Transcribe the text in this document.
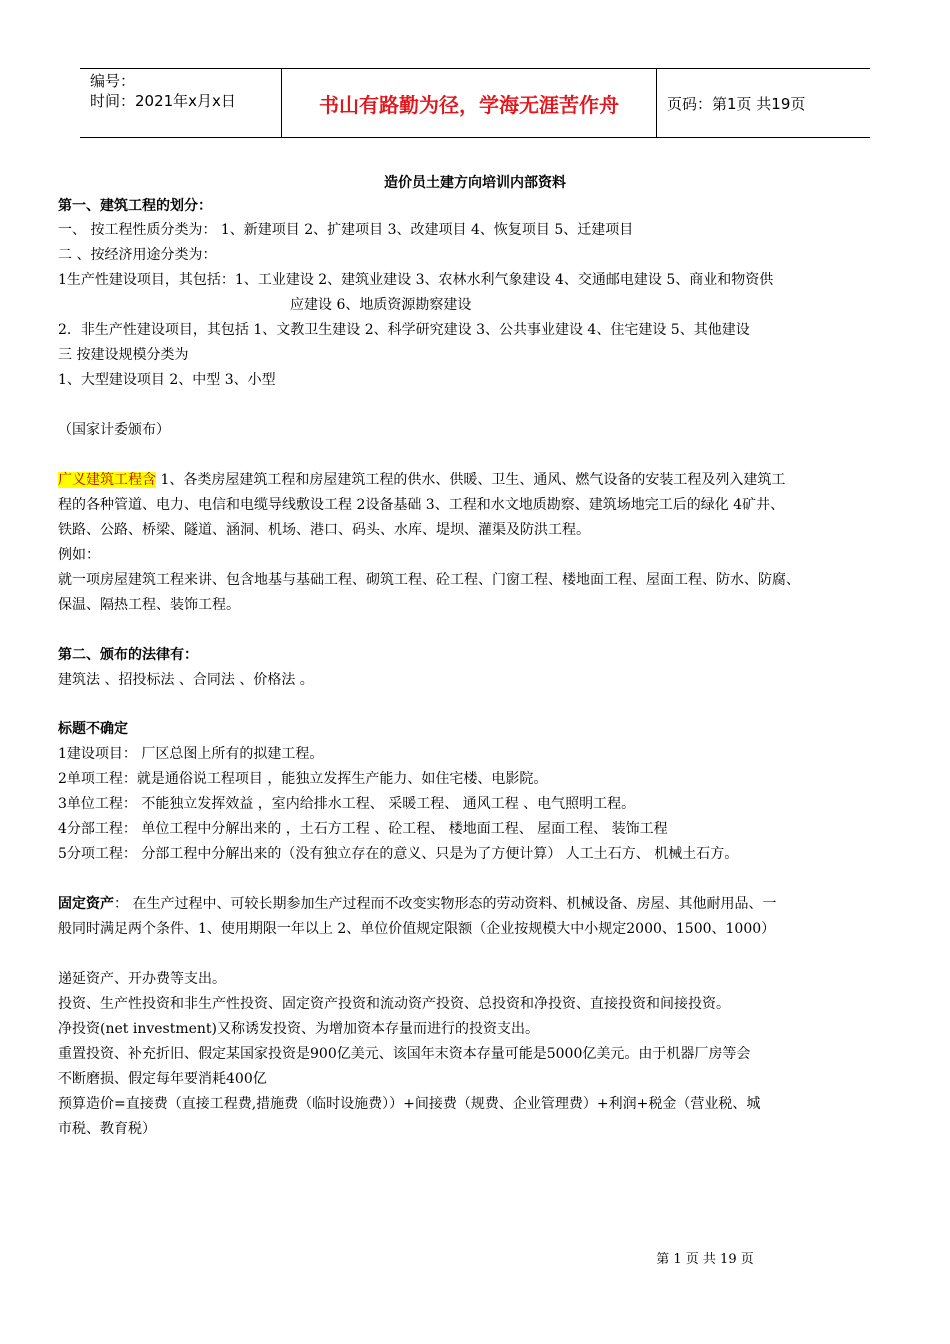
编号：
时间：2021年x月x日	书山有路勤为径，学海无涯苦作舟	页码：第1页 共19页
造价员土建方向培训内部资料
第一、建筑工程的划分：
一、 按工程性质分类为： 1、新建项目 2、扩建项目 3、改建项目 4、恢复项目 5、迁建项目
二 、按经济用途分类为：
1生产性建设项目，其包括：1、工业建设 2、建筑业建设 3、农林水利气象建设 4、交通邮电建设 5、商业和物资供
应建设 6、地质资源勘察建设
2．非生产性建设项目，其包括 1、文教卫生建设 2、科学研究建设 3、公共事业建设 4、住宅建设 5、其他建设
三 按建设规模分类为
1、大型建设项目 2、中型 3、小型
（国家计委颁布）
广义建筑工程含 1、各类房屋建筑工程和房屋建筑工程的供水、供暖、卫生、通风、燃气设备的安装工程及列入建筑工
程的各种管道、电力、电信和电缆导线敷设工程 2设备基础 3、工程和水文地质勘察、建筑场地完工后的绿化 4矿井、
铁路、公路、桥梁、隧道、涵洞、机场、港口、码头、水库、堤坝、灌渠及防洪工程。
例如：
就一项房屋建筑工程来讲、包含地基与基础工程、砌筑工程、砼工程、门窗工程、楼地面工程、屋面工程、防水、防腐、
保温、隔热工程、装饰工程。
第二、颁布的法律有：
建筑法 、招投标法 、合同法 、价格法 。
标题不确定
1建设项目： 厂区总图上所有的拟建工程。
2单项工程：就是通俗说工程项目 ，能独立发挥生产能力、如住宅楼、电影院。
3单位工程： 不能独立发挥效益 ，室内给排水工程、 采暖工程、 通风工程 、电气照明工程。
4分部工程： 单位工程中分解出来的 ，土石方工程 、砼工程、 楼地面工程、 屋面工程、 装饰工程
5分项工程： 分部工程中分解出来的（没有独立存在的意义、只是为了方便计算） 人工土石方、 机械土石方。
固定资产： 在生产过程中、可较长期参加生产过程而不改变实物形态的劳动资料、机械设备、房屋、其他耐用品、一
般同时满足两个条件、1、使用期限一年以上 2、单位价值规定限额（企业按规模大中小规定2000、1500、1000）
递延资产、开办费等支出。
投资、生产性投资和非生产性投资、固定资产投资和流动资产投资、总投资和净投资、直接投资和间接投资。
净投资(net investment)又称诱发投资、为增加资本存量而进行的投资支出。
重置投资、补充折旧、假定某国家投资是900亿美元、该国年末资本存量可能是5000亿美元。由于机器厂房等会
不断磨损、假定每年要消耗400亿
预算造价=直接费（直接工程费,措施费（临时设施费））+间接费（规费、企业管理费）+利润+税金（营业税、城
市税、教育税）
第 1 页 共 19 页
